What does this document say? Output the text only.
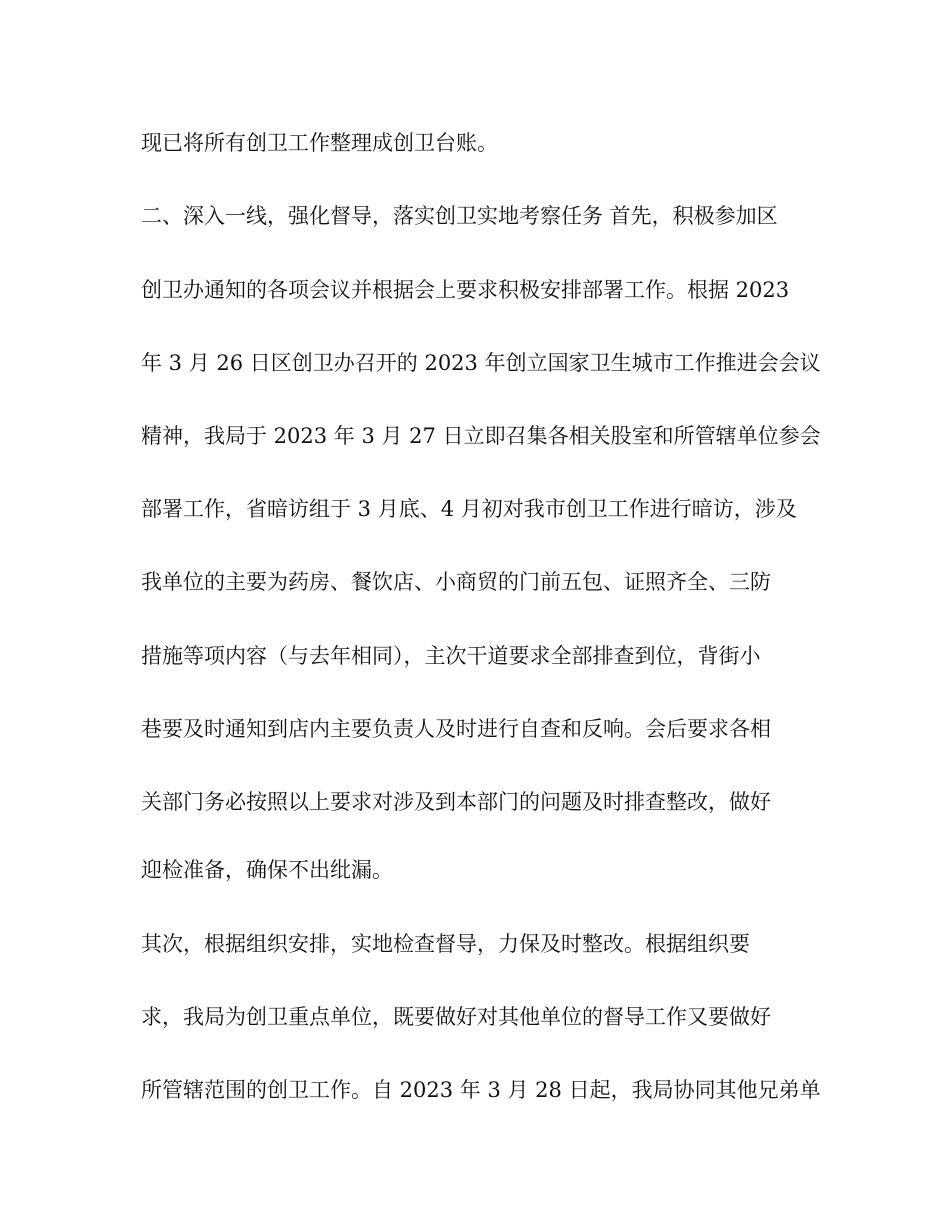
现已将所有创卫工作整理成创卫台账。

二、深入一线，强化督导，落实创卫实地考察任务 首先，积极参加区

创卫办通知的各项会议并根据会上要求积极安排部署工作。根据 2023

年 3 月 26 日区创卫办召开的 2023 年创立国家卫生城市工作推进会会议

精神，我局于 2023 年 3 月 27 日立即召集各相关股室和所管辖单位参会

部署工作，省暗访组于 3 月底、4 月初对我市创卫工作进行暗访，涉及

我单位的主要为药房、餐饮店、小商贸的门前五包、证照齐全、三防

措施等项内容（与去年相同），主次干道要求全部排查到位，背街小

巷要及时通知到店内主要负责人及时进行自查和反响。会后要求各相

关部门务必按照以上要求对涉及到本部门的问题及时排查整改，做好

迎检准备，确保不出纰漏。

其次，根据组织安排，实地检查督导，力保及时整改。根据组织要

求，我局为创卫重点单位，既要做好对其他单位的督导工作又要做好

所管辖范围的创卫工作。自 2023 年 3 月 28 日起，我局协同其他兄弟单
